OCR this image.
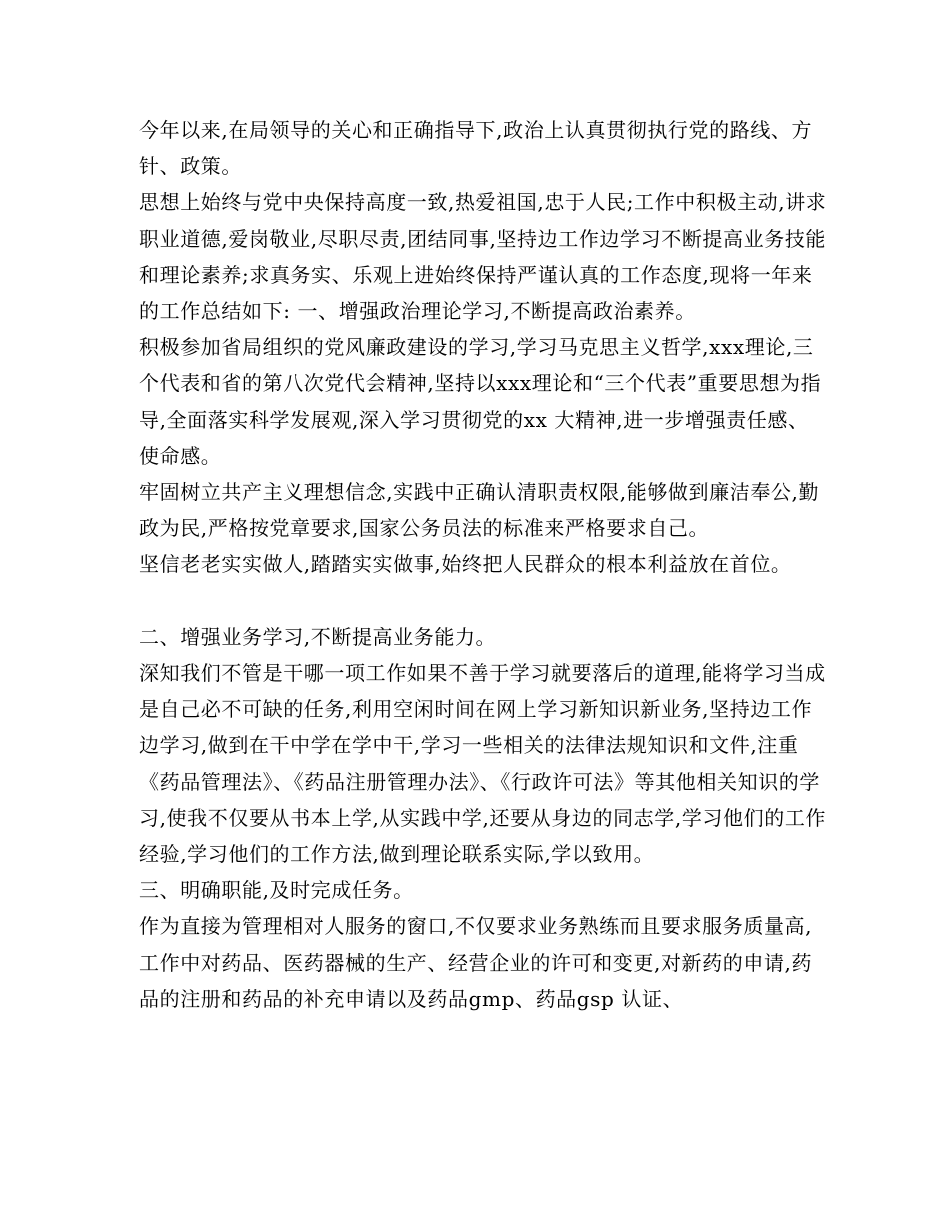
今年以来,在局领导的关心和正确指导下,政治上认真贯彻执行党的路线、方针、政策。

思想上始终与党中央保持高度一致,热爱祖国,忠于人民;工作中积极主动,讲求职业道德,爱岗敬业,尽职尽责,团结同事,坚持边工作边学习不断提高业务技能和理论素养;求真务实、乐观上进始终保持严谨认真的工作态度,现将一年来的工作总结如下: 一、增强政治理论学习,不断提高政治素养。

积极参加省局组织的党风廉政建设的学习,学习马克思主义哲学,xxx理论,三个代表和省的第八次党代会精神,坚持以xxx理论和“三个代表”重要思想为指导,全面落实科学发展观,深入学习贯彻党的xx 大精神,进一步增强责任感、使命感。

牢固树立共产主义理想信念,实践中正确认清职责权限,能够做到廉洁奉公,勤政为民,严格按党章要求,国家公务员法的标准来严格要求自己。

坚信老老实实做人,踏踏实实做事,始终把人民群众的根本利益放在首位。

二、增强业务学习,不断提高业务能力。

深知我们不管是干哪一项工作如果不善于学习就要落后的道理,能将学习当成是自己必不可缺的任务,利用空闲时间在网上学习新知识新业务,坚持边工作边学习,做到在干中学在学中干,学习一些相关的法律法规知识和文件,注重《药品管理法》、《药品注册管理办法》、《行政许可法》等其他相关知识的学习,使我不仅要从书本上学,从实践中学,还要从身边的同志学,学习他们的工作经验,学习他们的工作方法,做到理论联系实际,学以致用。

三、明确职能,及时完成任务。

作为直接为管理相对人服务的窗口,不仅要求业务熟练而且要求服务质量高,工作中对药品、医药器械的生产、经营企业的许可和变更,对新药的申请,药品的注册和药品的补充申请以及药品gmp、药品gsp 认证、
